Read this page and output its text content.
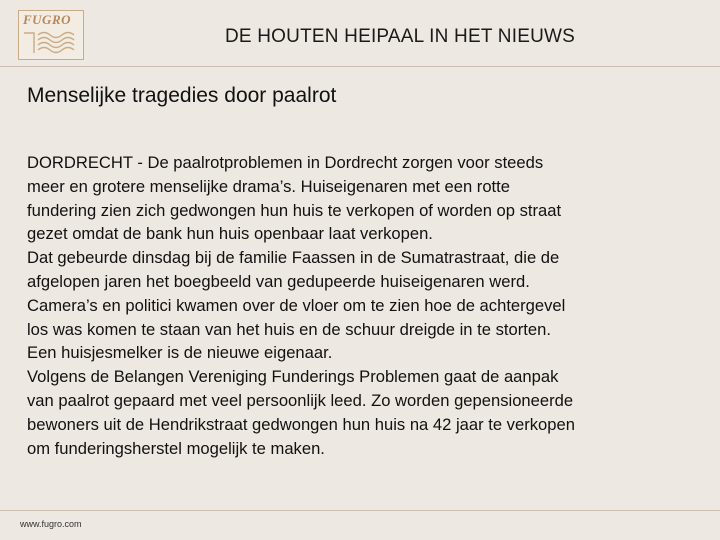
FUGRO
DE HOUTEN HEIPAAL IN HET NIEUWS
Menselijke tragedies door paalrot

DORDRECHT - De paalrotproblemen in Dordrecht zorgen voor steeds

meer en grotere menselijke drama’s. Huiseigenaren met een rotte

fundering zien zich gedwongen hun huis te verkopen of worden op straat

gezet omdat de bank hun huis openbaar laat verkopen.

Dat gebeurde dinsdag bij de familie Faassen in de Sumatrastraat, die de

afgelopen jaren het boegbeeld van gedupeerde huiseigenaren werd.

Camera’s en politici kwamen over de vloer om te zien hoe de achtergevel

los was komen te staan van het huis en de schuur dreigde in te storten.

Een huisjesmelker is de nieuwe eigenaar.

Volgens de Belangen Vereniging Funderings Problemen gaat de aanpak

van paalrot gepaard met veel persoonlijk leed. Zo worden gepensioneerde

bewoners uit de Hendrikstraat gedwongen hun huis na 42 jaar te verkopen

om funderingsherstel mogelijk te maken.

www.fugro.com
